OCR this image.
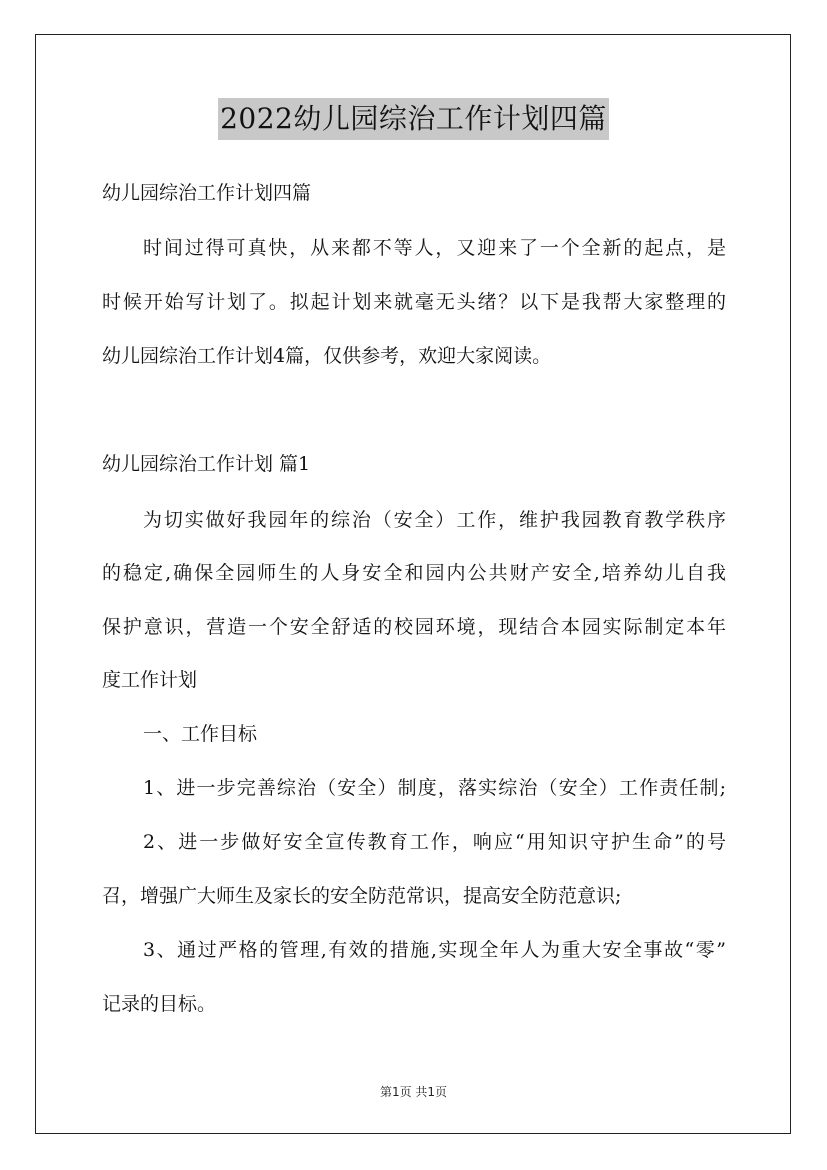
2022幼儿园综治工作计划四篇
幼儿园综治工作计划四篇
时间过得可真快，从来都不等人，又迎来了一个全新的起点，是
时候开始写计划了。拟起计划来就毫无头绪？以下是我帮大家整理的
幼儿园综治工作计划4篇，仅供参考，欢迎大家阅读。
幼儿园综治工作计划 篇1
为切实做好我园年的综治（安全）工作，维护我园教育教学秩序
的稳定,确保全园师生的人身安全和园内公共财产安全,培养幼儿自我
保护意识，营造一个安全舒适的校园环境，现结合本园实际制定本年
度工作计划
一、工作目标
1、进一步完善综治（安全）制度，落实综治（安全）工作责任制;
2、进一步做好安全宣传教育工作，响应“用知识守护生命”的号
召，增强广大师生及家长的安全防范常识，提高安全防范意识;
3、通过严格的管理,有效的措施,实现全年人为重大安全事故“零”
记录的目标。
第1页 共1页
